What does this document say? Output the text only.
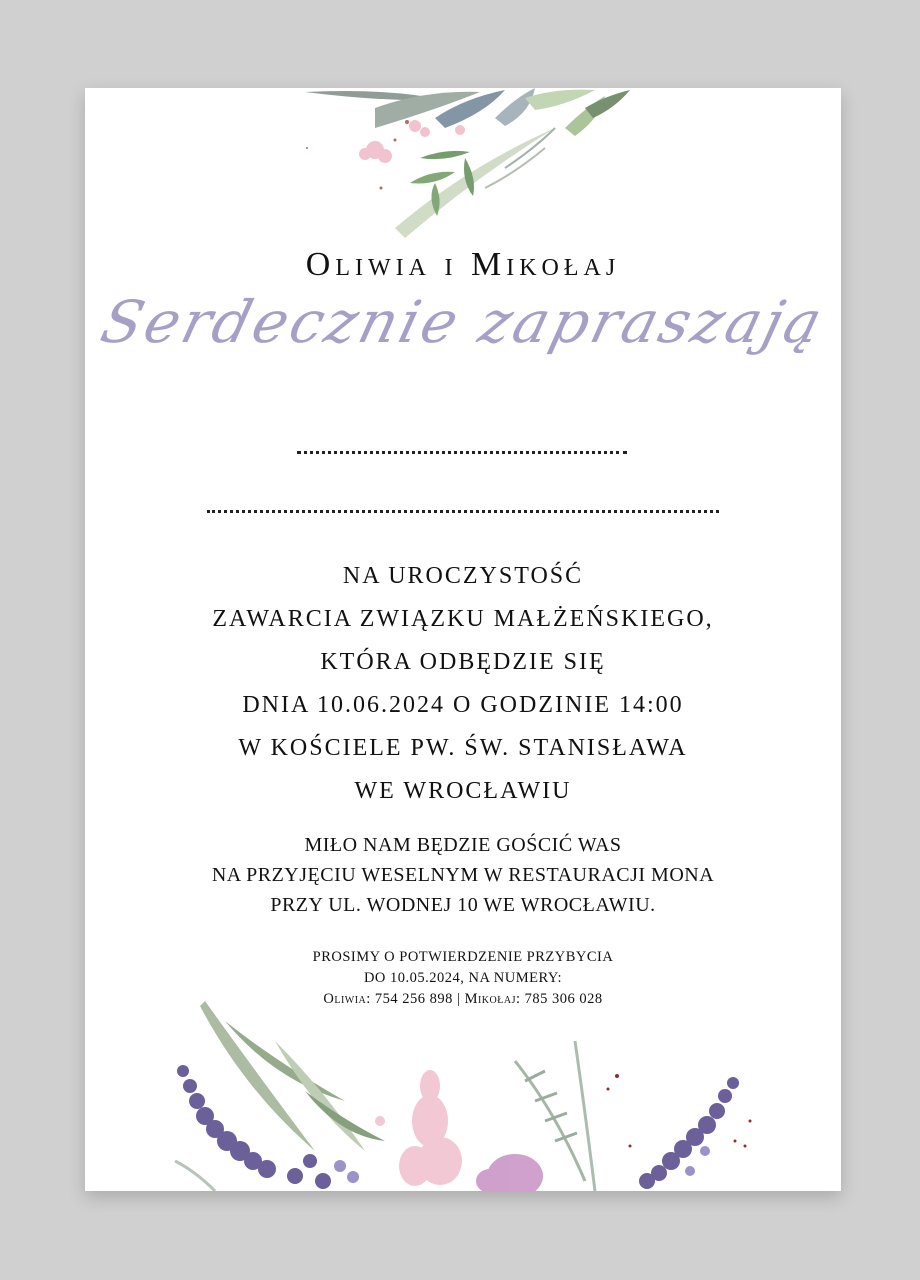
Oliwia i Mikołaj
Serdecznie zapraszają
NA UROCZYSTOŚĆ
ZAWARCIA ZWIĄZKU MAŁŻEŃSKIEGO,
KTÓRA ODBĘDZIE SIĘ
DNIA 10.06.2024 O GODZINIE 14:00
W KOŚCIELE PW. ŚW. STANISŁAWA
WE WROCŁAWIU
MIŁO NAM BĘDZIE GOŚCIĆ WAS
NA PRZYJĘCIU WESELNYM W RESTAURACJI MONA
PRZY UL. WODNEJ 10 WE WROCŁAWIU.
PROSIMY O POTWIERDZENIE PRZYBYCIA
DO 10.05.2024, NA NUMERY:
Oliwia: 754 256 898 | Mikołaj: 785 306 028
